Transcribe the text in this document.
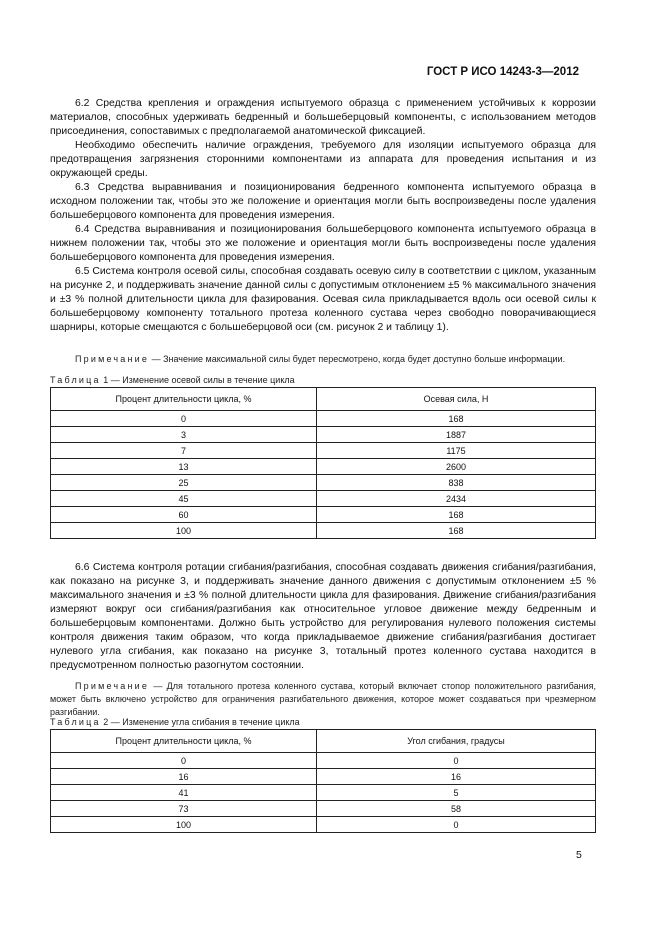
ГОСТ Р ИСО 14243-3—2012

6.2 Средства крепления и ограждения испытуемого образца с применением устойчивых к коррозии материалов, способных удерживать бедренный и большеберцовый компоненты, с использованием методов присоединения, сопоставимых с предполагаемой анатомической фиксацией.

Необходимо обеспечить наличие ограждения, требуемого для изоляции испытуемого образца для предотвращения загрязнения сторонними компонентами из аппарата для проведения испытания и из окружающей среды.

6.3 Средства выравнивания и позиционирования бедренного компонента испытуемого образца в исходном положении так, чтобы это же положение и ориентация могли быть воспроизведены после удаления большеберцового компонента для проведения измерения.

6.4 Средства выравнивания и позиционирования большеберцового компонента испытуемого образца в нижнем положении так, чтобы это же положение и ориентация могли быть воспроизведены после удаления большеберцового компонента для проведения измерения.

6.5 Система контроля осевой силы, способная создавать осевую силу в соответствии с циклом, указанным на рисунке 2, и поддерживать значение данной силы с допустимым отклонением ±5 % максимального значения и ±3 % полной длительности цикла для фазирования. Осевая сила прикладывается вдоль оси осевой силы к большеберцовому компоненту тотального протеза коленного сустава через свободно поворачивающиеся шарниры, которые смещаются с большеберцовой оси (см. рисунок 2 и таблицу 1).

Примечание — Значение максимальной силы будет пересмотрено, когда будет доступно больше информации.

Таблица 1 — Изменение осевой силы в течение цикла
Процент длительности цикла, %	Осевая сила, Н
0	168
3	1887
7	1175
13	2600
25	838
45	2434
60	168
100	168

6.6 Система контроля ротации сгибания/разгибания, способная создавать движения сгибания/разгибания, как показано на рисунке 3, и поддерживать значение данного движения с допустимым отклонением ±5 % максимального значения и ±3 % полной длительности цикла для фазирования. Движение сгибания/разгибания измеряют вокруг оси сгибания/разгибания как относительное угловое движение между бедренным и большеберцовым компонентами. Должно быть устройство для регулирования нулевого положения системы контроля движения таким образом, что когда прикладываемое движение сгибания/разгибания достигает нулевого угла сгибания, как показано на рисунке 3, тотальный протез коленного сустава находится в предусмотренном полностью разогнутом состоянии.

Примечание — Для тотального протеза коленного сустава, который включает стопор положительного разгибания, может быть включено устройство для ограничения разгибательного движения, которое может создаваться при чрезмерном разгибании.

Таблица 2 — Изменение угла сгибания в течение цикла
Процент длительности цикла, %	Угол сгибания, градусы
0	0
16	16
41	5
73	58
100	0
5
